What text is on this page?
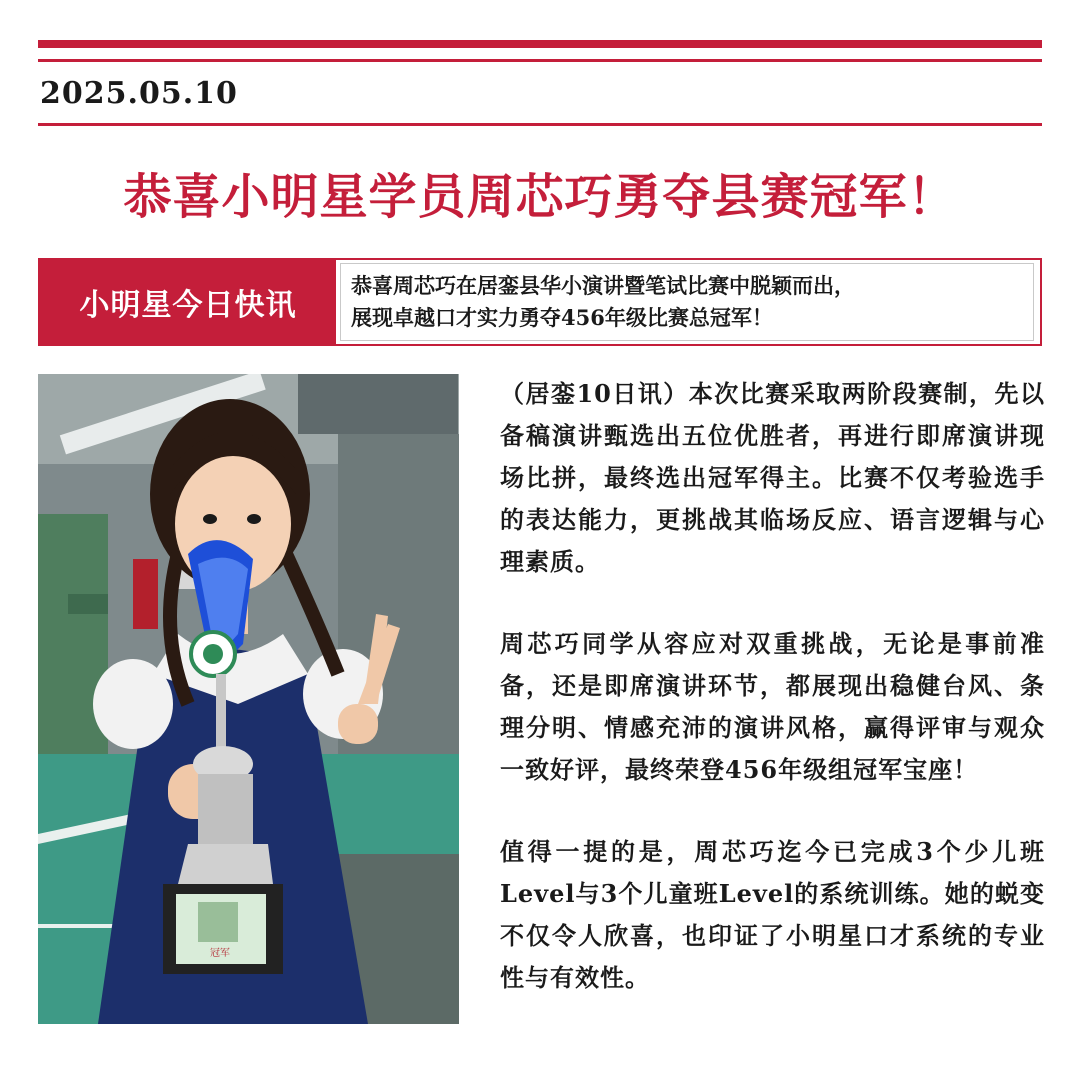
2025.05.10
恭喜小明星学员周芯巧勇夺县赛冠军！
小明星今日快讯
恭喜周芯巧在居銮县华小演讲暨笔试比赛中脱颖而出，
展现卓越口才实力勇夺456年级比赛总冠军！
冠军

（居銮10日讯）本次比赛采取两阶段赛制，先以备稿演讲甄选出五位优胜者，再进行即席演讲现场比拼，最终选出冠军得主。比赛不仅考验选手的表达能力，更挑战其临场反应、语言逻辑与心理素质。

周芯巧同学从容应对双重挑战，无论是事前准备，还是即席演讲环节，都展现出稳健台风、条理分明、情感充沛的演讲风格，赢得评审与观众一致好评，最终荣登456年级组冠军宝座！

值得一提的是，周芯巧迄今已完成3个少儿班Level与3个儿童班Level的系统训练。她的蜕变不仅令人欣喜，也印证了小明星口才系统的专业性与有效性。
